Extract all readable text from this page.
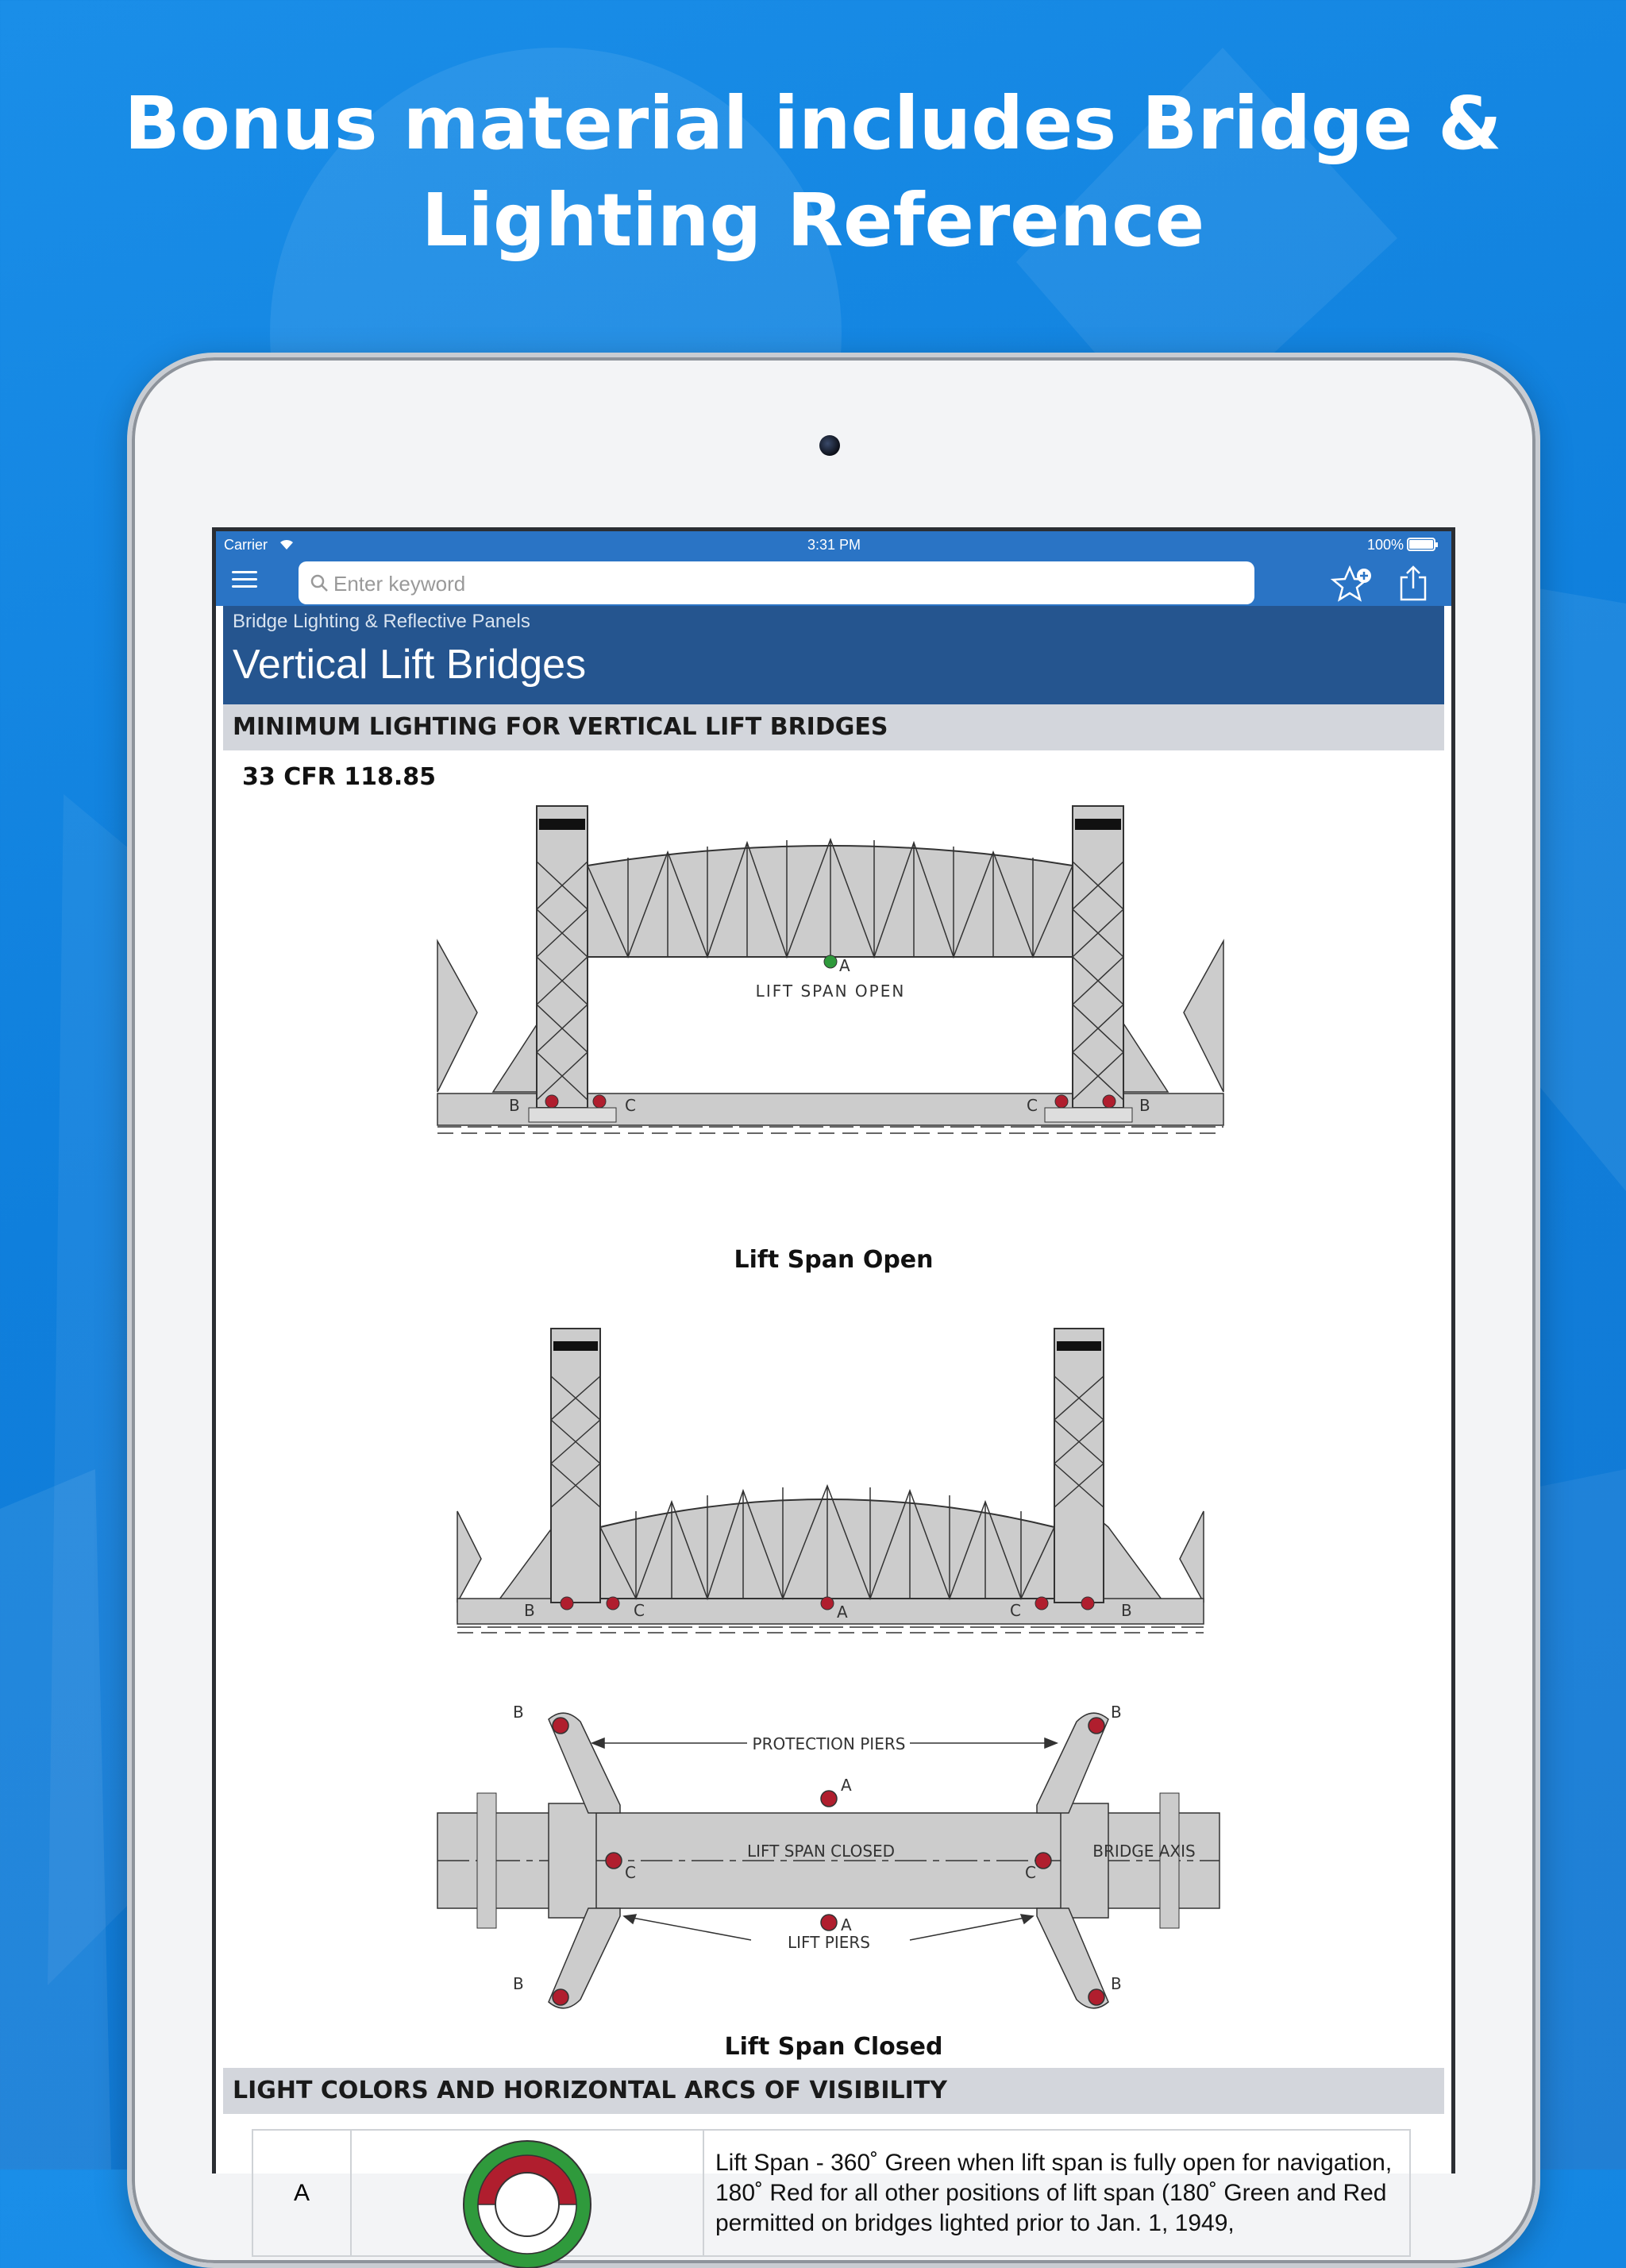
Bonus material includes Bridge &
Lighting Reference
Carrier	3:31 PM	100%
Enter keyword
Bridge Lighting & Reflective Panels
Vertical Lift Bridges
MINIMUM LIGHTING FOR VERTICAL LIFT BRIDGES
33 CFR 118.85
A
LIFT SPAN OPEN
B	C	C	B
Lift Span Open
A
B	C	C	B
PROTECTION PIERS
LIFT SPAN CLOSED	BRIDGE AXIS
LIFT PIERS
A
A
B
B
B
B
C	C
Lift Span Closed
LIGHT COLORS AND HORIZONTAL ARCS OF VISIBILITY
A		Lift Span - 360˚ Green when lift span is fully open for navigation, 180˚ Red for all other positions of lift span (180˚ Green and Red permitted on bridges lighted prior to Jan. 1, 1949,
